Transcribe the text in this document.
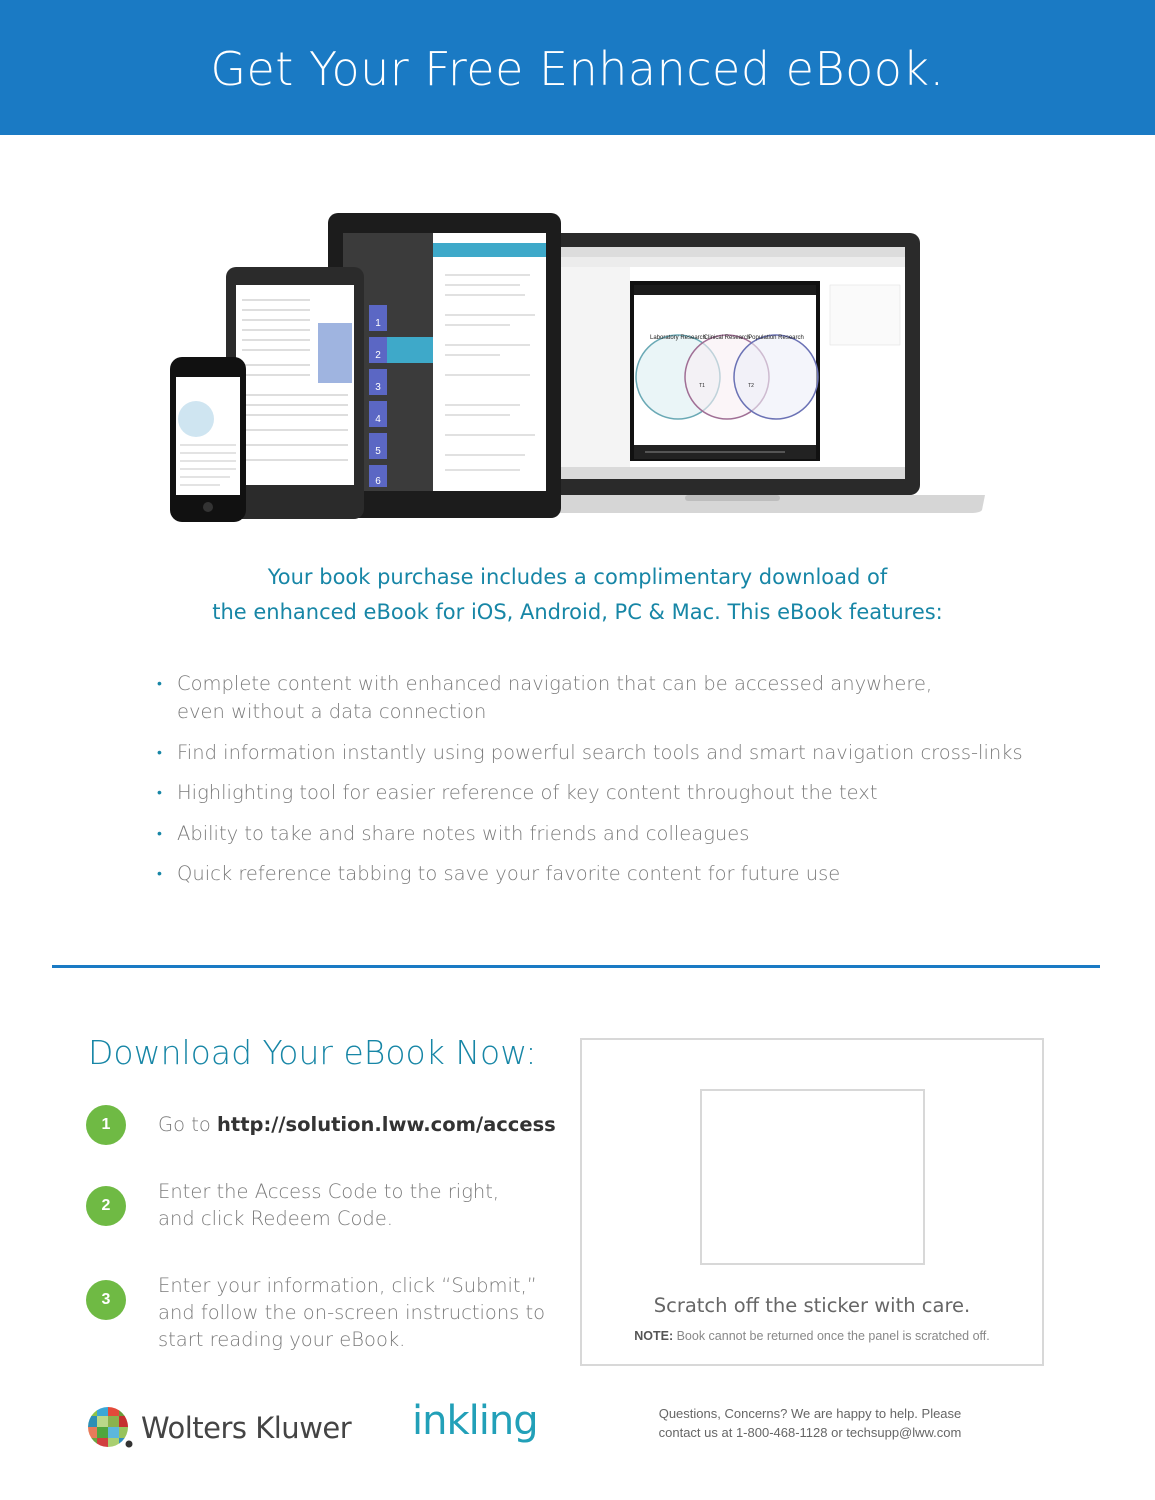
Get Your Free Enhanced eBook.
Laboratory Research
Clinical Research
Population Research
T1	T2
1
2
3
4
5
6

Your book purchase includes a complimentary download of

the enhanced eBook for iOS, Android, PC & Mac. This eBook features:

• Complete content with enhanced navigation that can be accessed anywhere,
even without a data connection
• Find information instantly using powerful search tools and smart navigation cross-links
• Highlighting tool for easier reference of key content throughout the text
• Ability to take and share notes with friends and colleagues
• Quick reference tabbing to save your favorite content for future use
Download Your eBook Now:
1	Go to http://solution.lww.com/access

2

Enter the Access Code to the right,
and click Redeem Code.

3

Enter your information, click “Submit,”
and follow the on-screen instructions to
start reading your eBook.

Scratch off the sticker with care.

NOTE: Book cannot be returned once the panel is scratched off.

Wolters Kluwer inkling	Questions, Concerns? We are happy to help. Please
contact us at 1-800-468-1128 or techsupp@lww.com
